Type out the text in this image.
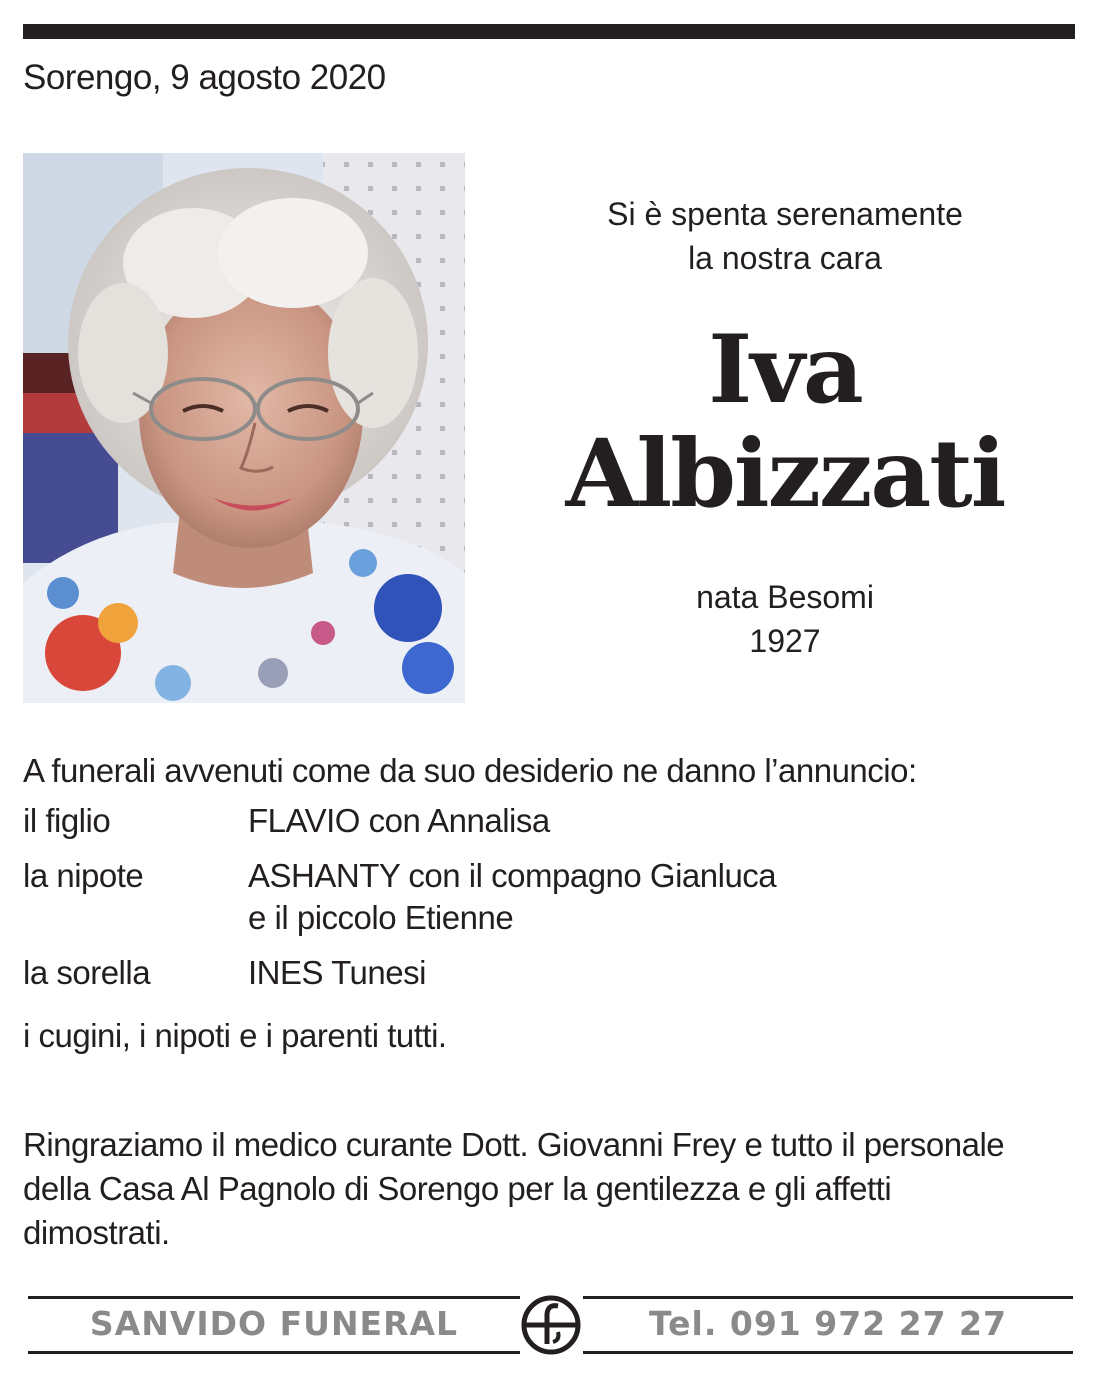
Sorengo, 9 agosto 2020
Si è spenta serenamente
la nostra cara
Iva
Albizzati
nata Besomi
1927
A funerali avvenuti come da suo desiderio ne danno l’annuncio:
il figlio	FLAVIO con Annalisa
la nipote	ASHANTY con il compagno Gianluca
e il piccolo Etienne
la sorella	INES Tunesi
i cugini, i nipoti e i parenti tutti.
Ringraziamo il medico curante Dott. Giovanni Frey e tutto il personale
della Casa Al Pagnolo di Sorengo per la gentilezza e gli affetti
dimostrati.
SANVIDO FUNERAL	Tel. 091 972 27 27
